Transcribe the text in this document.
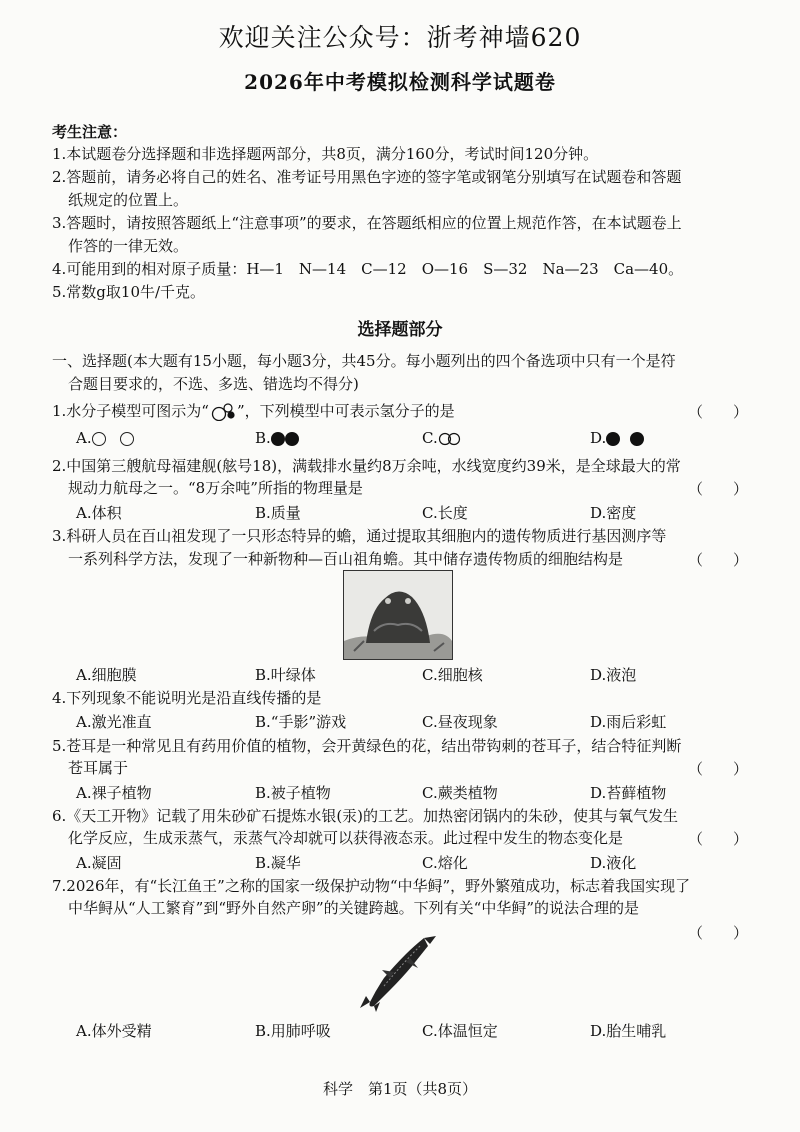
欢迎关注公众号：浙考神墙620
2026年中考模拟检测科学试题卷
考生注意：
1.本试题卷分选择题和非选择题两部分，共8页，满分160分，考试时间120分钟。
2.答题前，请务必将自己的姓名、准考证号用黑色字迹的签字笔或钢笔分别填写在试题卷和答题
纸规定的位置上。
3.答题时，请按照答题纸上“注意事项”的要求，在答题纸相应的位置上规范作答，在本试题卷上
作答的一律无效。
4.可能用到的相对原子质量：H—1　N—14　C—12　O—16　S—32　Na—23　Ca—40。
5.常数g取10牛/千克。
选择题部分
一、选择题(本大题有15小题，每小题3分，共45分。每小题列出的四个备选项中只有一个是符
合题目要求的，不选、多选、错选均不得分)
1.水分子模型可图示为“ ”，下列模型中可表示氢分子的是	（　　）
A.	B.	C.	D.
2.中国第三艘航母福建舰(舷号18)，满载排水量约8万余吨，水线宽度约39米，是全球最大的常
规动力航母之一。“8万余吨”所指的物理量是	（　　）
A.体积	B.质量	C.长度	D.密度
3.科研人员在百山祖发现了一只形态特异的蟾，通过提取其细胞内的遗传物质进行基因测序等
一系列科学方法，发现了一种新物种—百山祖角蟾。其中储存遗传物质的细胞结构是	（　　）
A.细胞膜	B.叶绿体	C.细胞核	D.液泡
4.下列现象不能说明光是沿直线传播的是
A.激光准直	B.“手影”游戏	C.昼夜现象	D.雨后彩虹
5.苍耳是一种常见且有药用价值的植物，会开黄绿色的花，结出带钩刺的苍耳子，结合特征判断
苍耳属于	（　　）
A.裸子植物	B.被子植物	C.蕨类植物	D.苔藓植物
6.《天工开物》记载了用朱砂矿石提炼水银(汞)的工艺。加热密闭锅内的朱砂，使其与氧气发生
化学反应，生成汞蒸气，汞蒸气冷却就可以获得液态汞。此过程中发生的物态变化是	（　　）
A.凝固	B.凝华	C.熔化	D.液化
7.2026年，有“长江鱼王”之称的国家一级保护动物“中华鲟”，野外繁殖成功，标志着我国实现了
中华鲟从“人工繁育”到“野外自然产卵”的关键跨越。下列有关“中华鲟”的说法合理的是
（　　）
A.体外受精	B.用肺呼吸	C.体温恒定	D.胎生哺乳
科学　第1页（共8页）
